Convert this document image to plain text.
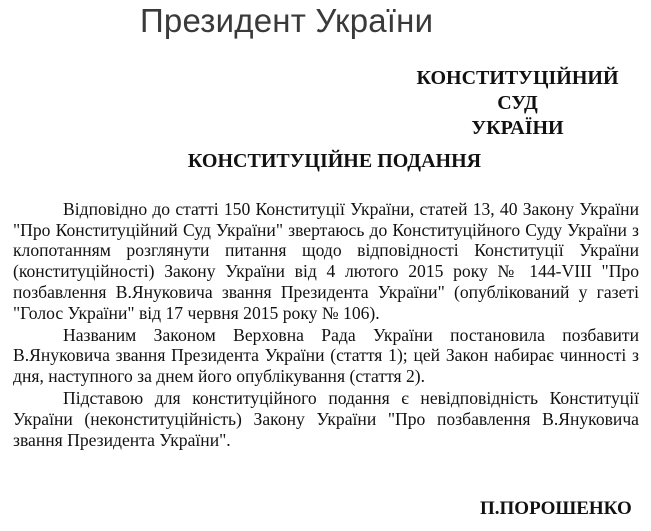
Президент України
КОНСТИТУЦІЙНИЙ СУД
УКРАЇНИ
КОНСТИТУЦІЙНЕ ПОДАННЯ

Відповідно до статті 150 Конституції України, статей 13, 40 Закону України "Про Конституційний Суд України" звертаюсь до Конституційного Суду України з клопотанням розглянути питання щодо відповідності Конституції України (конституційності) Закону України від 4 лютого 2015 року № 144-VIII "Про позбавлення В.Януковича звання Президента України" (опублікований у газеті "Голос України" від 17 червня 2015 року № 106).

Названим Законом Верховна Рада України постановила позбавити В.Януковича звання Президента України (стаття 1); цей Закон набирає чинності з дня, наступного за днем його опублікування (стаття 2).

Підставою для конституційного подання є невідповідність Конституції України (неконституційність) Закону України "Про позбавлення В.Януковича звання Президента України".

П.ПОРОШЕНКО
